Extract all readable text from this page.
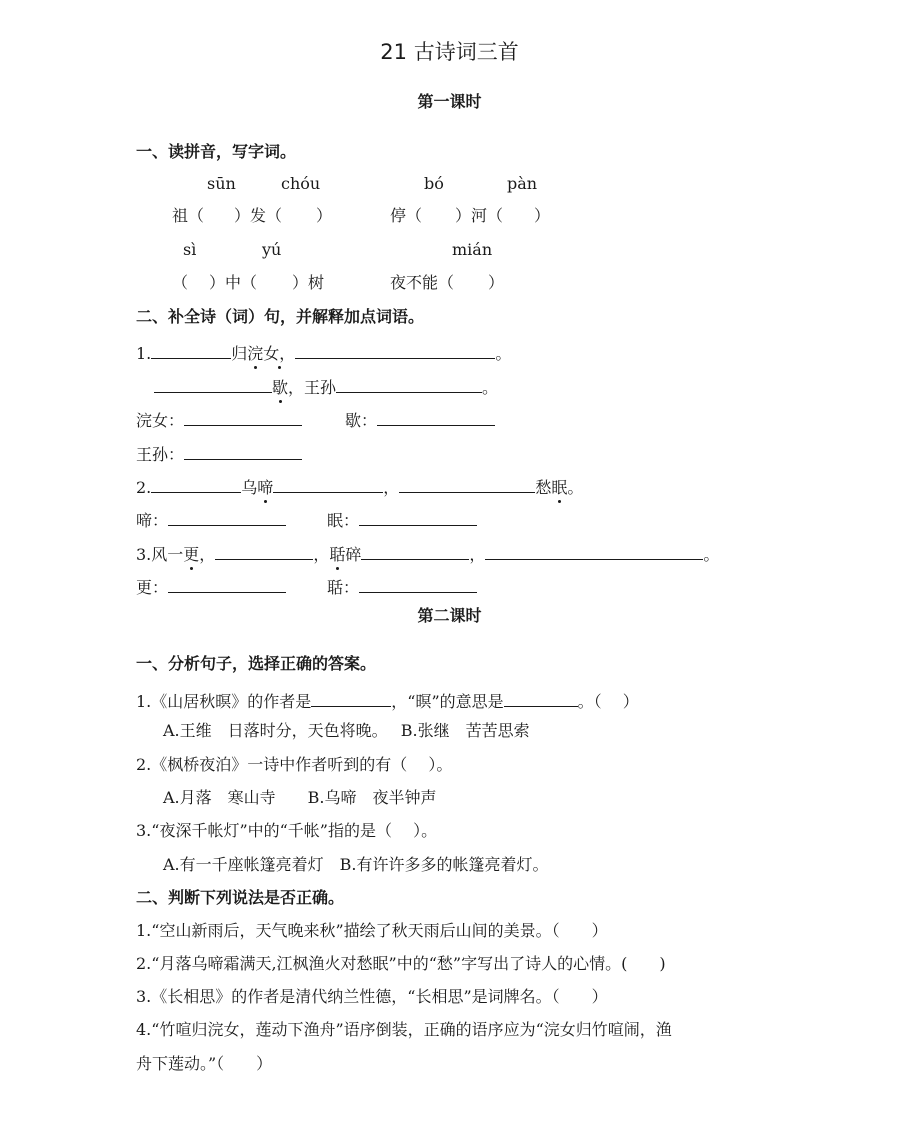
21 古诗词三首
第一课时
一、读拼音，写字词。
sūn	chóu	bó	pàn
祖（ ）发（ ）	停（ ）河（ ）
sì	yú	mián
（ ）中（ ）树	夜不能（ ）
二、补全诗（词）句，并解释加点词语。
1.	归浣女，	。
歇，王孙	。
浣女：	歇：
王孙：
2.	乌啼	，	愁眠。
啼：	眠：
3.风一更，	，聒碎	，	。
更：	聒：
第二课时
一、分析句子，选择正确的答案。
1.《山居秋暝》的作者是	，“暝”的意思是	。（　 ）
A.王维　日落时分，天色将晚。　 B.张继　苦苦思索
2.《枫桥夜泊》一诗中作者听到的有（　 ）。
A.月落　寒山寺　　B.乌啼　夜半钟声
3.“夜深千帐灯”中的“千帐”指的是（　 ）。
A.有一千座帐篷亮着灯　B.有许许多多的帐篷亮着灯。
二、判断下列说法是否正确。
1.“空山新雨后，天气晚来秋”描绘了秋天雨后山间的美景。（　　）
2.“月落乌啼霜满天,江枫渔火对愁眠”中的“愁”字写出了诗人的心情。(　　)
3.《长相思》的作者是清代纳兰性德，“长相思”是词牌名。（　　）
4.“竹喧归浣女，莲动下渔舟”语序倒装，正确的语序应为“浣女归竹喧闹，渔
舟下莲动。”（　　）
